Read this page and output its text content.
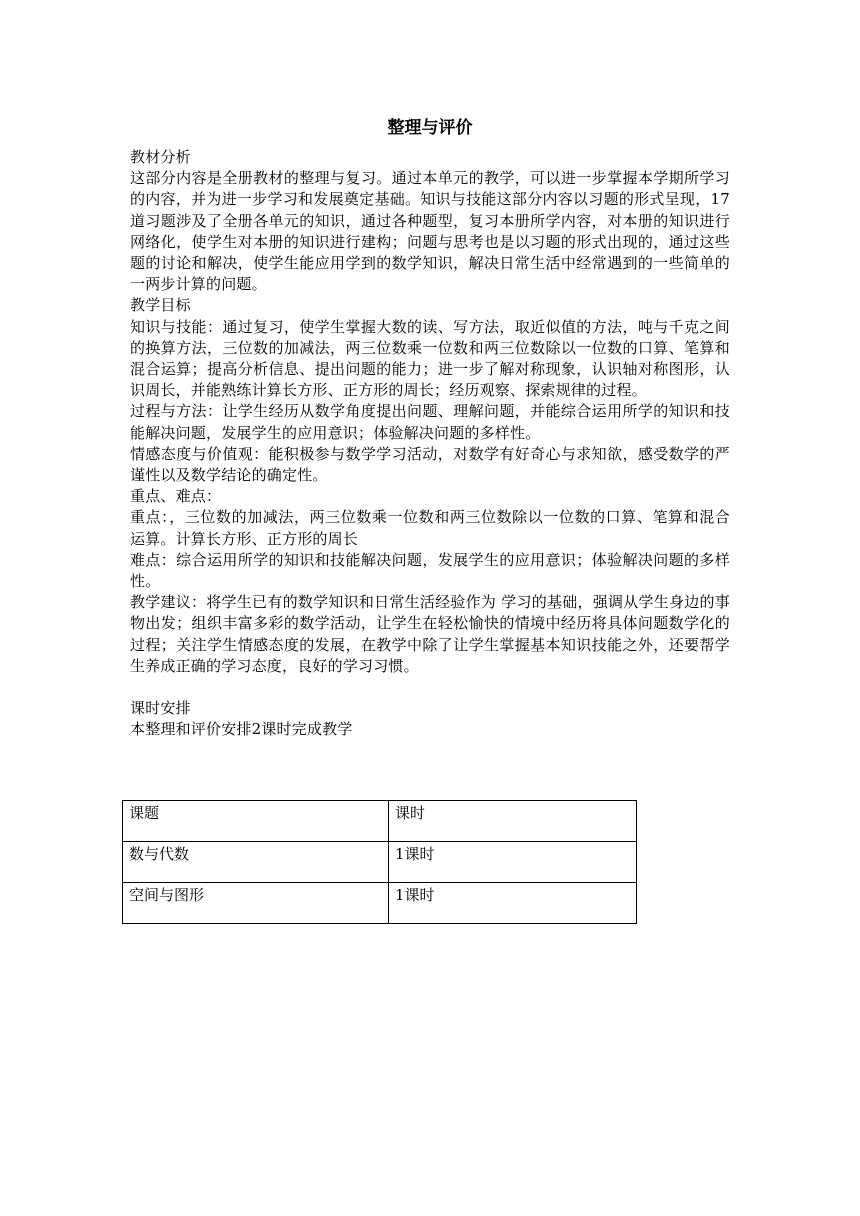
整理与评价

教材分析

这部分内容是全册教材的整理与复习。通过本单元的教学，可以进一步掌握本学期所学习的内容，并为进一步学习和发展奠定基础。知识与技能这部分内容以习题的形式呈现，17道习题涉及了全册各单元的知识，通过各种题型，复习本册所学内容，对本册的知识进行网络化，使学生对本册的知识进行建构；问题与思考也是以习题的形式出现的，通过这些题的讨论和解决，使学生能应用学到的数学知识，解决日常生活中经常遇到的一些简单的一两步计算的问题。

教学目标

知识与技能：通过复习，使学生掌握大数的读、写方法，取近似值的方法，吨与千克之间的换算方法，三位数的加减法，两三位数乘一位数和两三位数除以一位数的口算、笔算和混合运算；提高分析信息、提出问题的能力；进一步了解对称现象，认识轴对称图形，认识周长，并能熟练计算长方形、正方形的周长；经历观察、探索规律的过程。

过程与方法：让学生经历从数学角度提出问题、理解问题，并能综合运用所学的知识和技能解决问题，发展学生的应用意识；体验解决问题的多样性。

情感态度与价值观：能积极参与数学学习活动，对数学有好奇心与求知欲，感受数学的严谨性以及数学结论的确定性。

重点、难点：

重点：，三位数的加减法，两三位数乘一位数和两三位数除以一位数的口算、笔算和混合运算。计算长方形、正方形的周长

难点：综合运用所学的知识和技能解决问题，发展学生的应用意识；体验解决问题的多样性。

教学建议：将学生已有的数学知识和日常生活经验作为 学习的基础，强调从学生身边的事物出发；组织丰富多彩的数学活动，让学生在轻松愉快的情境中经历将具体问题数学化的过程；关注学生情感态度的发展，在教学中除了让学生掌握基本知识技能之外，还要帮学生养成正确的学习态度，良好的学习习惯。

课时安排

本整理和评价安排2课时完成教学

课题	课时
数与代数	1课时
空间与图形	1课时
